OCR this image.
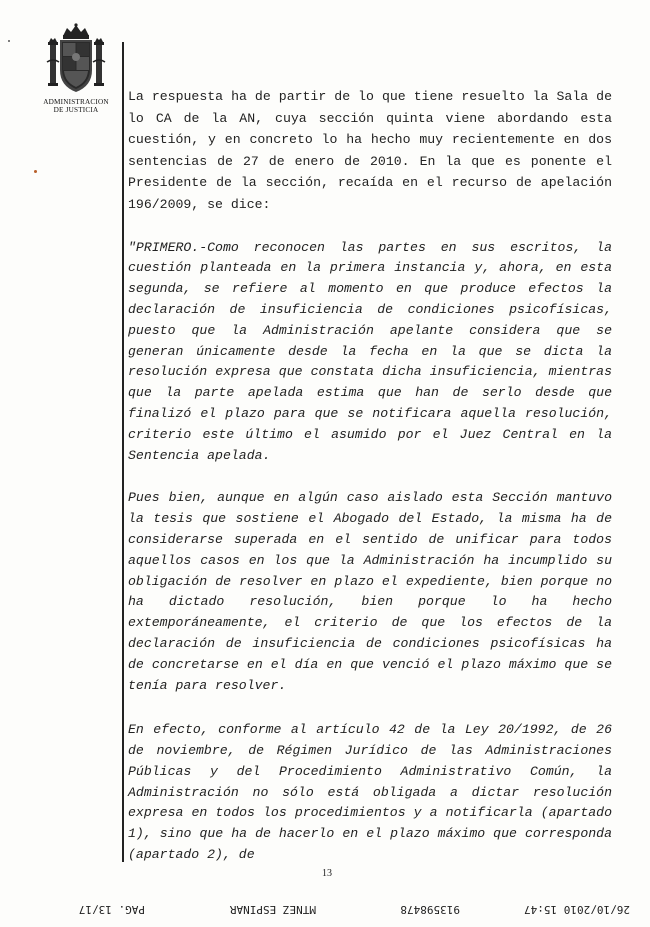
ADMINISTRACION
DE JUSTICIA

La respuesta ha de partir de lo que tiene resuelto la Sala de lo CA de la AN, cuya sección quinta viene abordando esta cuestión, y en concreto lo ha hecho muy recientemente en dos sentencias de 27 de enero de 2010. En la que es ponente el Presidente de la sección, recaída en el recurso de apelación 196/2009, se dice:

"PRIMERO.-Como reconocen las partes en sus escritos, la cuestión planteada en la primera instancia y, ahora, en esta segunda, se refiere al momento en que produce efectos la declaración de insuficiencia de condiciones psicofísicas, puesto que la Administración apelante considera que se generan únicamente desde la fecha en la que se dicta la resolución expresa que constata dicha insuficiencia, mientras que la parte apelada estima que han de serlo desde que finalizó el plazo para que se notificara aquella resolución, criterio este último el asumido por el Juez Central en la Sentencia apelada.

Pues bien, aunque en algún caso aislado esta Sección mantuvo la tesis que sostiene el Abogado del Estado, la misma ha de considerarse superada en el sentido de unificar para todos aquellos casos en los que la Administración ha incumplido su obligación de resolver en plazo el expediente, bien porque no ha dictado resolución, bien porque lo ha hecho extemporáneamente, el criterio de que los efectos de la declaración de insuficiencia de condiciones psicofísicas ha de concretarse en el día en que venció el plazo máximo que se tenía para resolver.

En efecto, conforme al artículo 42 de la Ley 20/1992, de 26 de noviembre, de Régimen Jurídico de las Administraciones Públicas y del Procedimiento Administrativo Común, la Administración no sólo está obligada a dictar resolución expresa en todos los procedimientos y a notificarla (apartado 1), sino que ha de hacerlo en el plazo máximo que corresponda (apartado 2), de

13
26/10/2010 15:47
913598478
MTNEZ ESPINAR
PAG. 13/17
